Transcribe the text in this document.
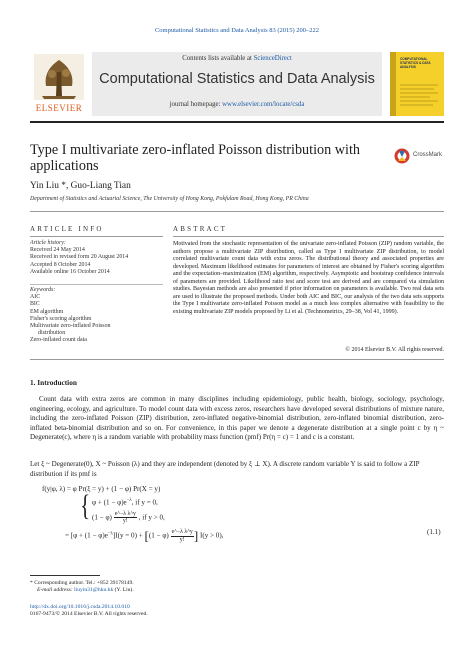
Computational Statistics and Data Analysis 83 (2015) 200–222
ELSEVIER
Contents lists available at ScienceDirect
Computational Statistics and Data Analysis
journal homepage: www.elsevier.com/locate/csda
COMPUTATIONAL STATISTICS & DATA ANALYSIS
Type I multivariate zero-inflated Poisson distribution with applications
CrossMark
Yin Liu *, Guo-Liang Tian
Department of Statistics and Actuarial Science, The University of Hong Kong, Pokfulam Road, Hong Kong, PR China
ARTICLE INFO	ABSTRACT
Article history:
Received 24 May 2014
Received in revised form 20 August 2014
Accepted 8 October 2014
Available online 16 October 2014
Keywords:
AIC
BIC
EM algorithm
Fisher's scoring algorithm
Multivariate zero-inflated Poisson
distribution
Zero-inflated count data
Motivated from the stochastic representation of the univariate zero-inflated Poisson (ZIP) random variable, the authors propose a multivariate ZIP distribution, called as Type I multivariate ZIP distribution, to model correlated multivariate count data with extra zeros. The distributional theory and associated properties are developed. Maximum likelihood estimates for parameters of interest are obtained by Fisher's scoring algorithm and the expectation–maximization (EM) algorithm, respectively. Asymptotic and bootstrap confidence intervals of parameters are provided. Likelihood ratio test and score test are derived and are compared via simulation studies. Bayesian methods are also presented if prior information on parameters is available. Two real data sets are used to illustrate the proposed methods. Under both AIC and BIC, our analysis of the two data sets supports the Type I multivariate zero-inflated Poisson model as a much less complex alternative with feasibility to the existing multivariate ZIP models proposed by Li et al. (Technometrics, 29–38, Vol 41, 1999).
© 2014 Elsevier B.V. All rights reserved.
1. Introduction
Count data with extra zeros are common in many disciplines including epidemiology, public health, biology, sociology, psychology, engineering, ecology, and agriculture. To model count data with excess zeros, researchers have developed several distributions of mixture nature, including the zero-inflated Poisson (ZIP) distribution, zero-inflated negative-binomial distribution, zero-inflated binomial distribution, zero-inflated beta-binomial distribution and so on. For convenience, in this paper we denote a degenerate distribution at a single point c by η ~ Degenerate(c), where η is a random variable with probability mass function (pmf) Pr(η = c) = 1 and c is a constant.
Let ξ ~ Degenerate(0), X ~ Poisson (λ) and they are independent (denoted by ξ ⊥ X). A discrete random variable Y is said to follow a ZIP distribution if its pmf is
f(y|φ, λ) = φ Pr(ξ = y) + (1 − φ) Pr(X = y)
{ $\varphi + (1 - \varphi)e^{-\lambda}$, if y = 0,
$(1 - \varphi) \frac{\text{e\textasciicircum{}−λ λ\textasciicircum{}y}}{y!}$ , if y > 0,
= $[\varphi + (1 - \varphi)e^{-\lambda}]I(y = 0) + [(1 - \varphi) \frac{\text{e\textasciicircum{}−λ λ\textasciicircum{}y}}{y!}]$ I(y > 0),	(1.1)
* Corresponding author. Tel.: +852 39178149.
E-mail address: liuyin31@hku.hk (Y. Liu).
http://dx.doi.org/10.1016/j.csda.2014.10.010
0167-9473/© 2014 Elsevier B.V. All rights reserved.
